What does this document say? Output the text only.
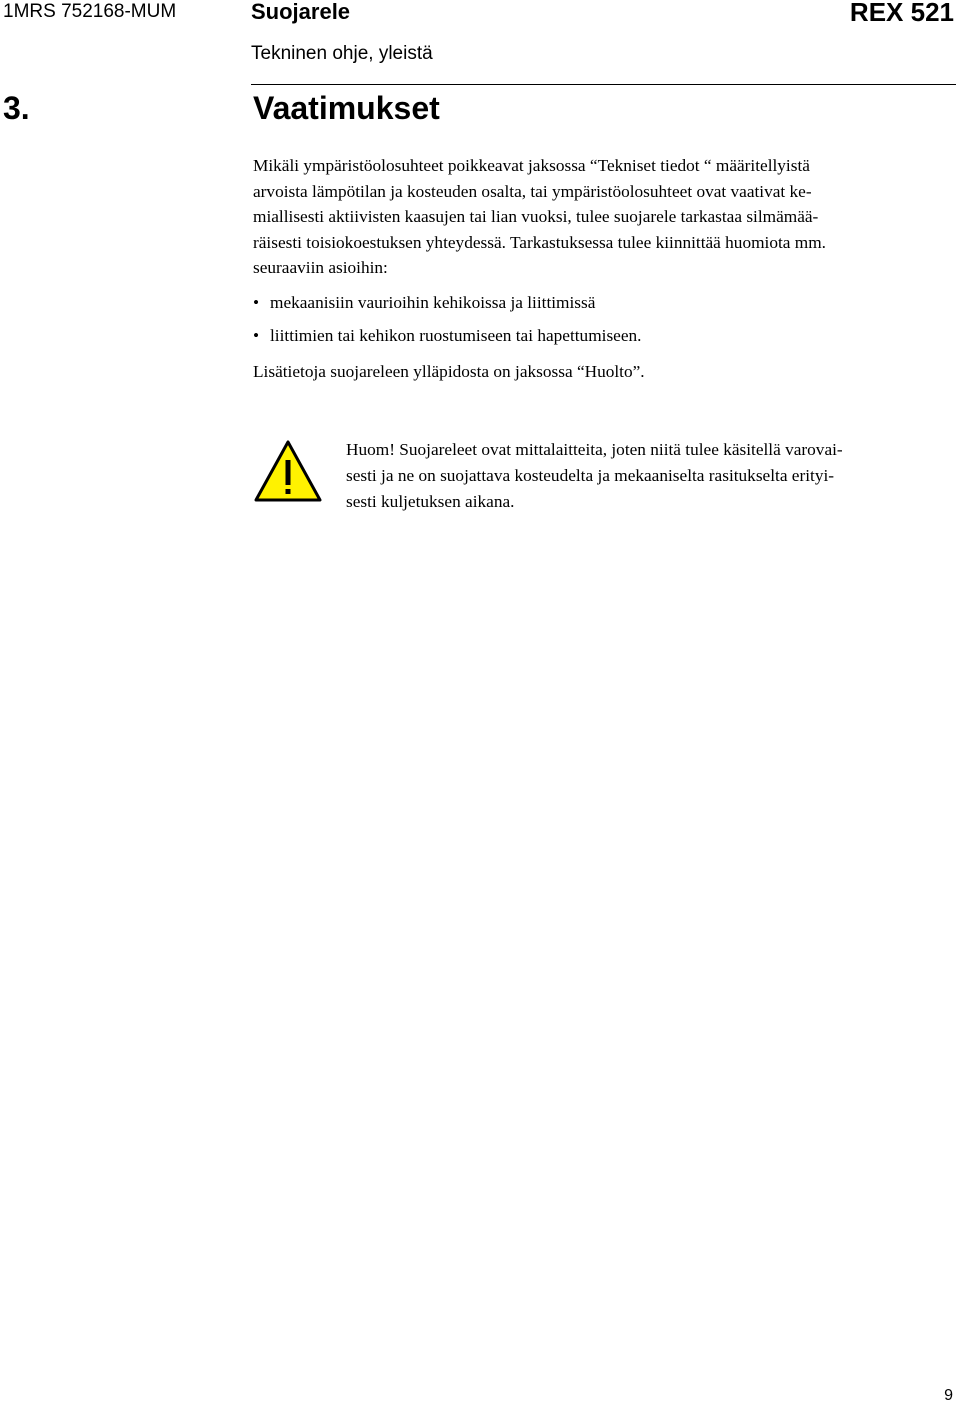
1MRS 752168-MUM	Suojarele	REX 521
Tekninen ohje, yleistä
3.	Vaatimukset
Mikäli ympäristöolosuhteet poikkeavat jaksossa “Tekniset tiedot “ määritellyistä
arvoista lämpötilan ja kosteuden osalta, tai ympäristöolosuhteet ovat vaativat ke-
miallisesti aktiivisten kaasujen tai lian vuoksi, tulee suojarele tarkastaa silmämää-
räisesti toisiokoestuksen yhteydessä. Tarkastuksessa tulee kiinnittää huomiota mm.
seuraaviin asioihin:
• mekaanisiin vaurioihin kehikoissa ja liittimissä
• liittimien tai kehikon ruostumiseen tai hapettumiseen.
Lisätietoja suojareleen ylläpidosta on jaksossa “Huolto”.
Huom! Suojareleet ovat mittalaitteita, joten niitä tulee käsitellä varovai-
sesti ja ne on suojattava kosteudelta ja mekaaniselta rasitukselta erityi-
sesti kuljetuksen aikana.
9
